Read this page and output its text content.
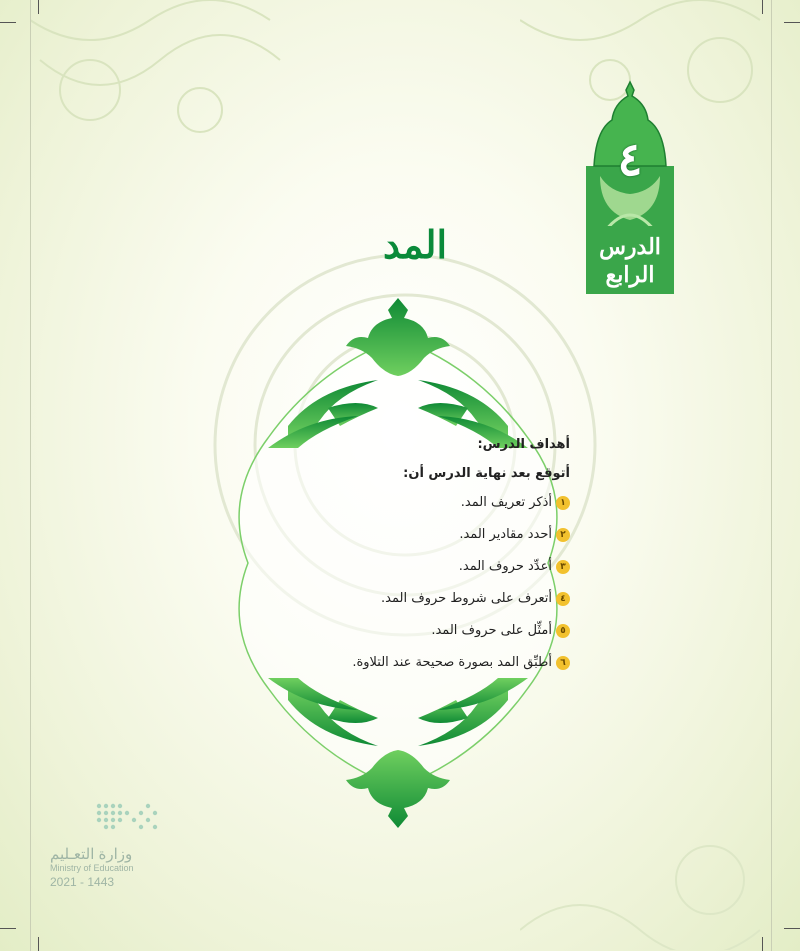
٤
الدرس
الرابع
المد
أهداف الدرس:
أتوقع بعد نهاية الدرس أن:
١أذكر تعريف المد.
٢أحدد مقادير المد.
٣أعدِّد حروف المد.
٤أتعرف على شروط حروف المد.
٥أمثِّل على حروف المد.
٦أطبِّق المد بصورة صحيحة عند التلاوة.
وزارة التعـليم
Ministry of Education
2021 - 1443
